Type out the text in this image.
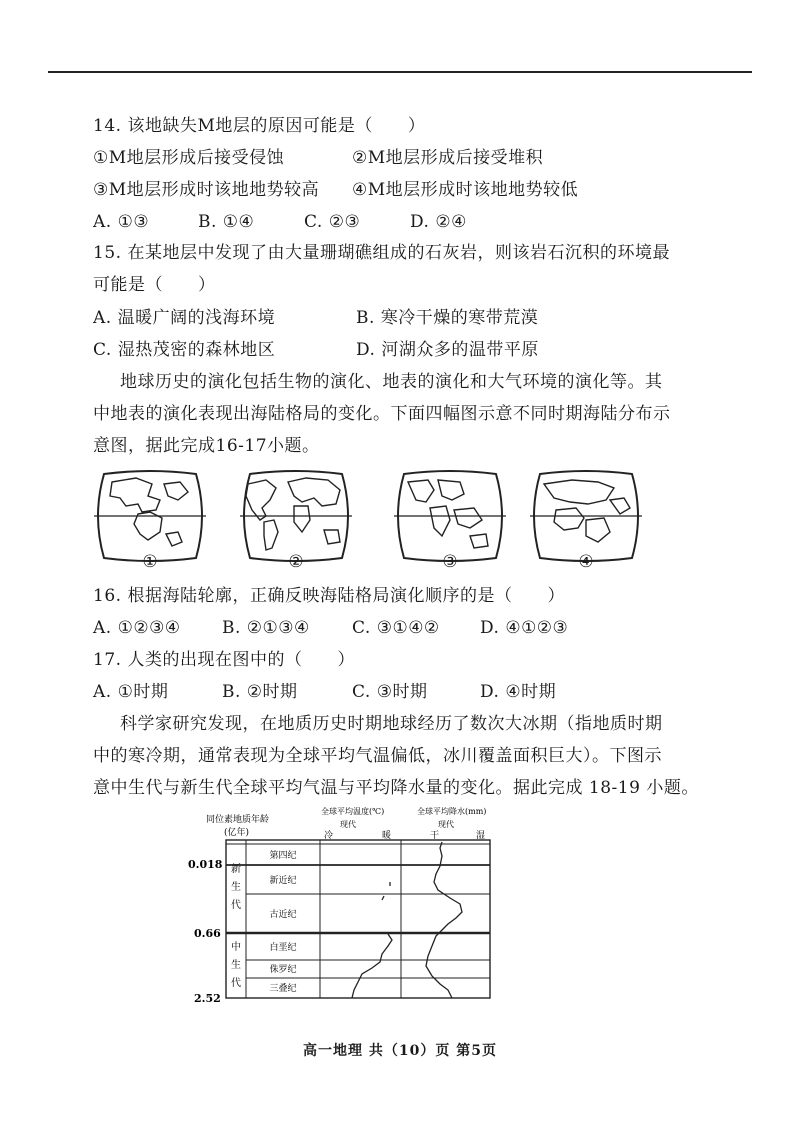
14. 该地缺失M地层的原因可能是（　　）
①M地层形成后接受侵蚀	②M地层形成后接受堆积
③M地层形成时该地地势较高 ④M地层形成时该地地势较低
A. ①③	B. ①④	C. ②③	D. ②④
15. 在某地层中发现了由大量珊瑚礁组成的石灰岩，则该岩石沉积的环境最
可能是（　　）
A. 温暖广阔的浅海环境	B. 寒冷干燥的寒带荒漠
C. 湿热茂密的森林地区	D. 河湖众多的温带平原
地球历史的演化包括生物的演化、地表的演化和大气环境的演化等。其
中地表的演化表现出海陆格局的变化。下面四幅图示意不同时期海陆分布示
意图，据此完成16-17小题。
①	②	③	④
16. 根据海陆轮廓，正确反映海陆格局演化顺序的是（　　）
A. ①②③④ B. ②①③④ C. ③①④② D. ④①②③
17. 人类的出现在图中的（　　）
A. ①时期	B. ②时期	C. ③时期	D. ④时期
科学家研究发现，在地质历史时期地球经历了数次大冰期（指地质时期
中的寒冷期，通常表现为全球平均气温偏低，冰川覆盖面积巨大）。下图示
意中生代与新生代全球平均气温与平均降水量的变化。据此完成 18-19 小题。
同位素地质年龄
(亿年)
全球平均温度(℃)	全球平均降水(mm)
现代	现代
冷	暖	干	湿
0.018
0.66
2.52
新
生
代
中
生
代
第四纪
新近纪
古近纪
白垩纪
侏罗纪
三叠纪
高一地理 共（10）页 第5页
